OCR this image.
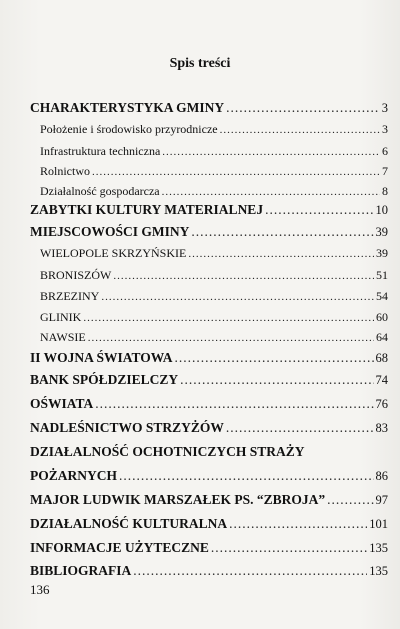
Spis treści
CHARAKTERYSTYKA GMINY .....	3
Położenie i środowisko przyrodnicze .....	3
Infrastruktura techniczna .....	6
Rolnictwo .....	7
Działalność gospodarcza .....	8
ZABYTKI KULTURY MATERIALNEJ .....	10
MIEJSCOWOŚCI GMINY .....	39
WIELOPOLE SKRZYŃSKIE .....	39
BRONISZÓW .....	51
BRZEZINY .....	54
GLINIK .....	60
NAWSIE .....	64
II WOJNA ŚWIATOWA .....	68
BANK SPÓŁDZIELCZY .....	74
OŚWIATA .....	76
NADLEŚNICTWO STRZYŻÓW .....	83
DZIAŁALNOŚĆ OCHOTNICZYCH STRAŻY
POŻARNYCH .....	86
MAJOR LUDWIK MARSZAŁEK PS. “ZBROJA” .....	97
DZIAŁALNOŚĆ KULTURALNA .....	101
INFORMACJE UŻYTECZNE .....	135
BIBLIOGRAFIA .....	135
136
